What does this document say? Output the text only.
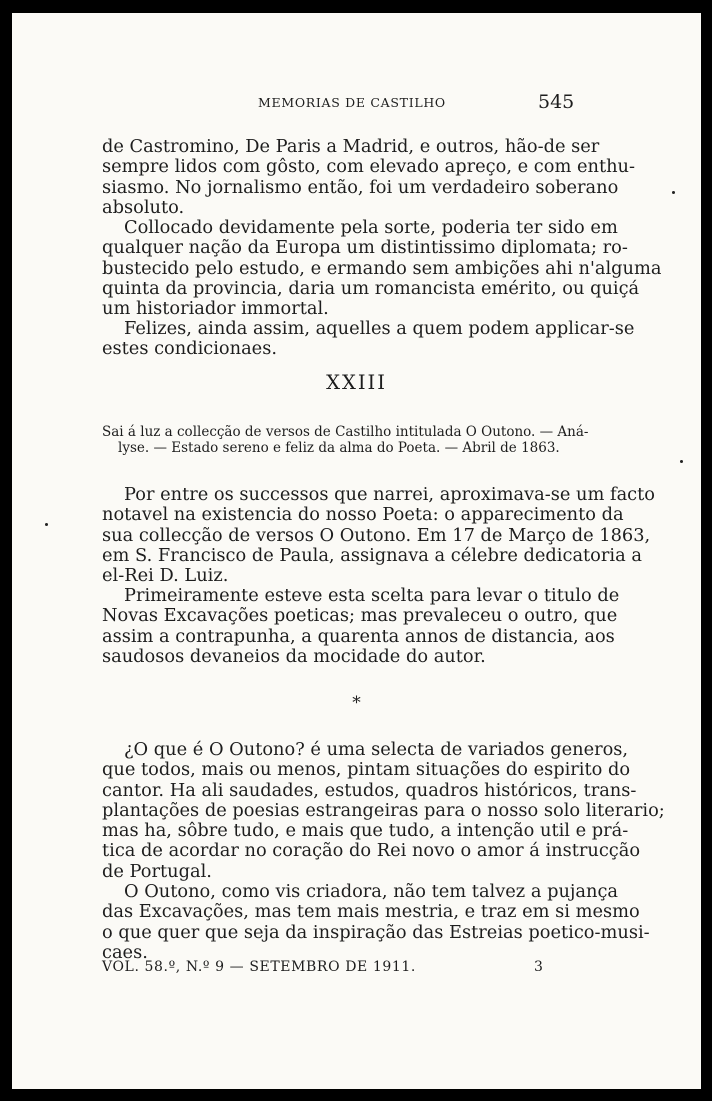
MEMORIAS DE CASTILHO	545
de Castromino, De Paris a Madrid, e outros, hão-de ser
sempre lidos com gôsto, com elevado apreço, e com enthu-
siasmo. No jornalismo então, foi um verdadeiro soberano
absoluto.
Collocado devidamente pela sorte, poderia ter sido em
qualquer nação da Europa um distintissimo diplomata; ro-
bustecido pelo estudo, e ermando sem ambições ahi n'alguma
quinta da provincia, daria um romancista emérito, ou quiçá
um historiador immortal.
Felizes, ainda assim, aquelles a quem podem applicar-se
estes condicionaes.
XXIII
Sai á luz a collecção de versos de Castilho intitulada O Outono. — Aná-
lyse. — Estado sereno e feliz da alma do Poeta. — Abril de 1863.
Por entre os successos que narrei, aproximava-se um facto
notavel na existencia do nosso Poeta: o apparecimento da
sua collecção de versos O Outono. Em 17 de Março de 1863,
em S. Francisco de Paula, assignava a célebre dedicatoria a
el-Rei D. Luiz.
Primeiramente esteve esta scelta para levar o titulo de
Novas Excavações poeticas; mas prevaleceu o outro, que
assim a contrapunha, a quarenta annos de distancia, aos
saudosos devaneios da mocidade do autor.
*
¿O que é O Outono? é uma selecta de variados generos,
que todos, mais ou menos, pintam situações do espirito do
cantor. Ha ali saudades, estudos, quadros históricos, trans-
plantações de poesias estrangeiras para o nosso solo literario;
mas ha, sôbre tudo, e mais que tudo, a intenção util e prá-
tica de acordar no coração do Rei novo o amor á instrucção
de Portugal.
O Outono, como vis criadora, não tem talvez a pujança
das Excavações, mas tem mais mestria, e traz em si mesmo
o que quer que seja da inspiração das Estreias poetico-musi-
caes.
VOL. 58.º, N.º 9 — SETEMBRO DE 1911.	3
